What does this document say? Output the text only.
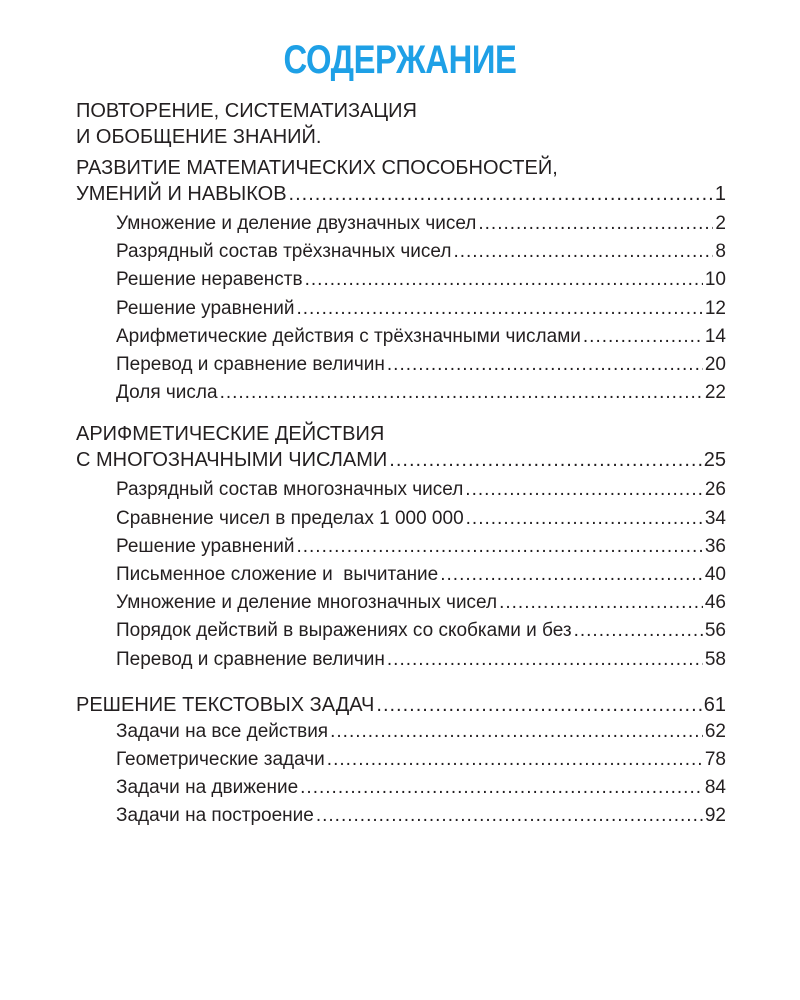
СОДЕРЖАНИЕ
ПОВТОРЕНИЕ, СИСТЕМАТИЗАЦИЯ
И ОБОБЩЕНИЕ ЗНАНИЙ.
РАЗВИТИЕ МАТЕМАТИЧЕСКИХ СПОСОБНОСТЕЙ,
УМЕНИЙ И НАВЫКОВ .....	1
Умножение и деление двузначных чисел .....	2
Разрядный состав трёхзначных чисел .....	8
Решение неравенств .....	10
Решение уравнений .....	12
Арифметические действия с трёхзначными числами .....	14
Перевод и сравнение величин .....	20
Доля числа .....	22
АРИФМЕТИЧЕСКИЕ ДЕЙСТВИЯ
С МНОГОЗНАЧНЫМИ ЧИСЛАМИ .....	25
Разрядный состав многозначных чисел .....	26
Сравнение чисел в пределах 1 000 000 .....	34
Решение уравнений .....	36
Письменное сложение и  вычитание .....	40
Умножение и деление многозначных чисел .....	46
Порядок действий в выражениях со скобками и без .....	56
Перевод и сравнение величин .....	58
РЕШЕНИЕ ТЕКСТОВЫХ ЗАДАЧ .....	61
Задачи на все действия .....	62
Геометрические задачи .....	78
Задачи на движение .....	84
Задачи на построение .....	92
